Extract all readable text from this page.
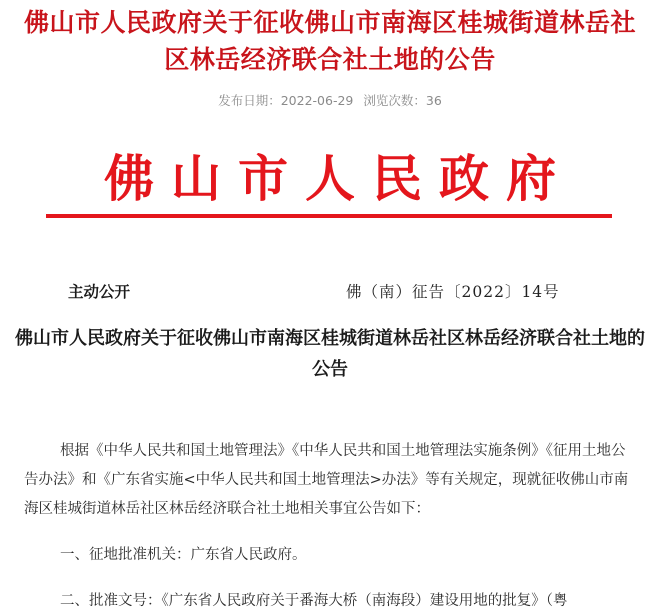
佛山市人民政府关于征收佛山市南海区桂城街道林岳社区林岳经济联合社土地的公告
发布日期：2022-06-29 浏览次数：36
佛山市人民政府
主动公开	佛（南）征告〔2022〕14号
佛山市人民政府关于征收佛山市南海区桂城街道林岳社区林岳经济联合社土地的公告

根据《中华人民共和国土地管理法》《中华人民共和国土地管理法实施条例》《征用土地公告办法》和《广东省实施<中华人民共和国土地管理法>办法》等有关规定，现就征收佛山市南海区桂城街道林岳社区林岳经济联合社土地相关事宜公告如下：

一、征地批准机关：广东省人民政府。

二、批准文号：《广东省人民政府关于番海大桥（南海段）建设用地的批复》（粤
